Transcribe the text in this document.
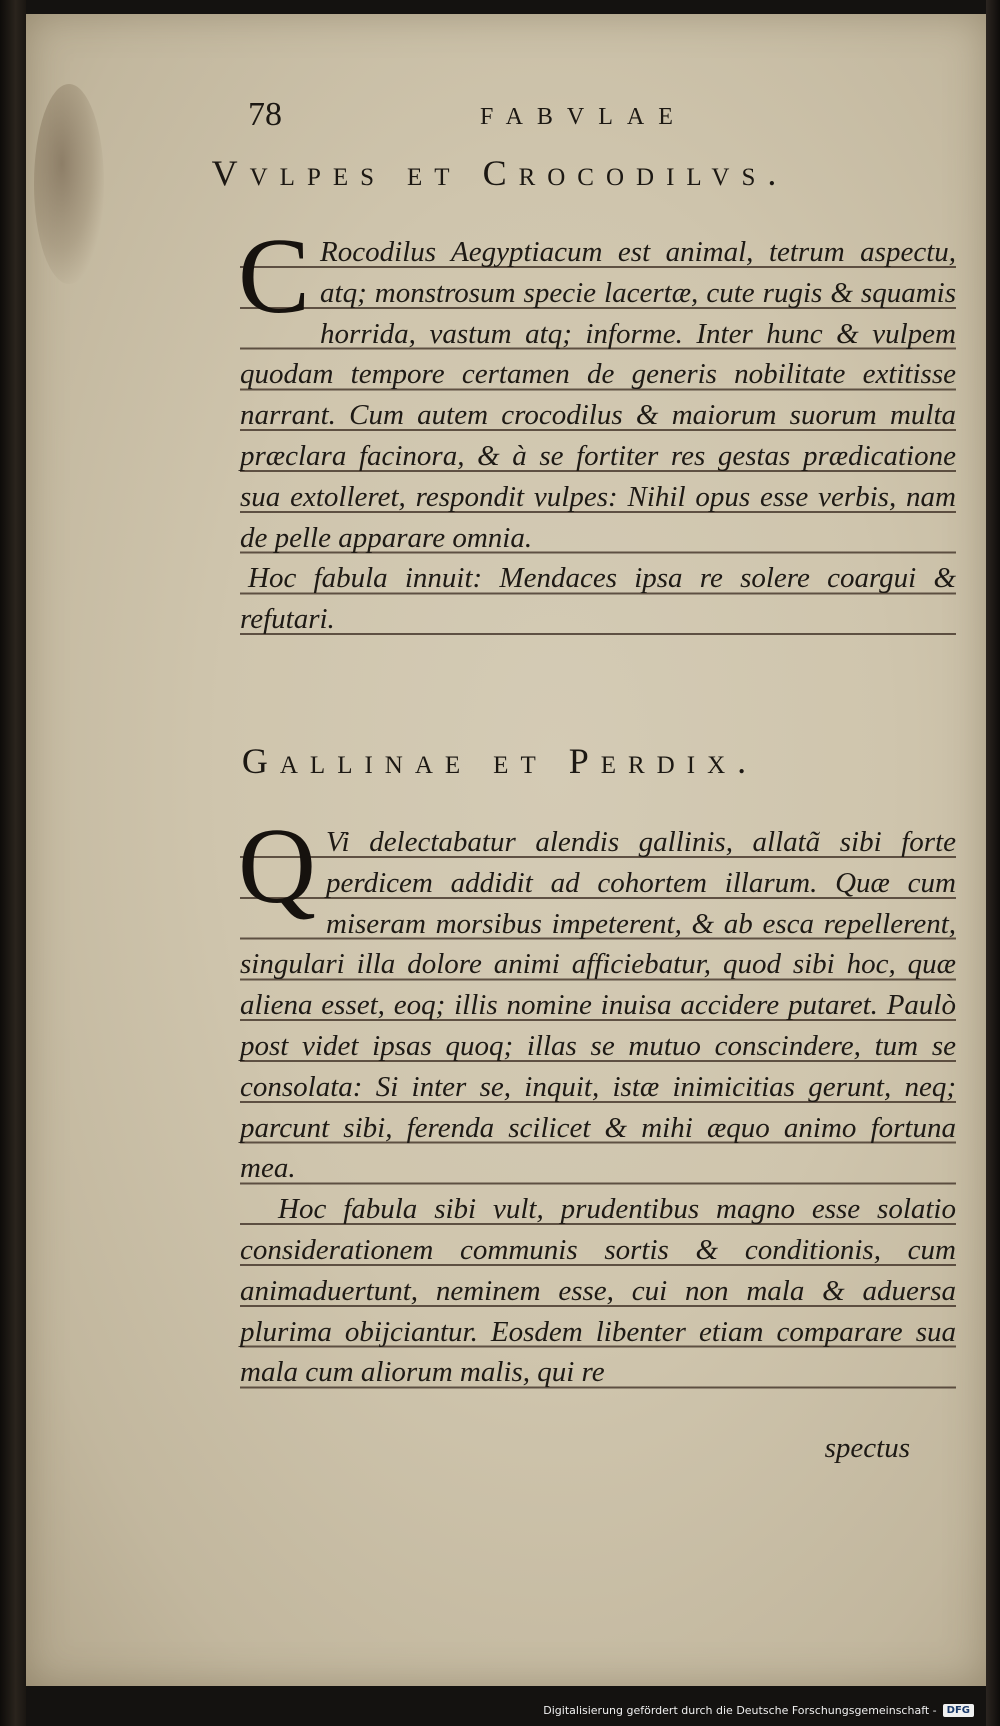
78	FABVLAE
Vvlpes et Crocodilvs.

C Rocodilus Aegyptiacum est animal, tetrum aspectu, atq; monstrosum specie lacertæ, cute rugis & squamis horrida, vastum atq; informe. Inter hunc & vulpem quodam tempore certamen de generis nobilitate extitisse narrant. Cum autem crocodilus & maiorum suorum multa præclara facinora, & à se fortiter res gestas prædicatione sua extolleret, respondit vulpes: Nihil opus esse verbis, nam de pelle apparare omnia.

Hoc fabula innuit: Mendaces ipsa re solere coargui & refutari.

Gallinae et Perdix.

Q Vi delectabatur alendis gallinis, allatã sibi forte perdicem addidit ad cohortem illarum. Quæ cum miseram morsibus impeterent, & ab esca repellerent, singulari illa dolore animi afficiebatur, quod sibi hoc, quæ aliena esset, eoq; illis nomine inuisa accidere putaret. Paulò post videt ipsas quoq; illas se mutuo conscindere, tum se consolata: Si inter se, inquit, istæ inimicitias gerunt, neq; parcunt sibi, ferenda scilicet & mihi æquo animo fortuna mea.

Hoc fabula sibi vult, prudentibus magno esse solatio considerationem communis sortis & conditionis, cum animaduertunt, neminem esse, cui non mala & aduersa plurima obijciantur. Eosdem libenter etiam comparare sua mala cum aliorum malis, qui re

spectus
Digitalisierung gefördert durch die Deutsche Forschungsgemeinschaft -	DFG
